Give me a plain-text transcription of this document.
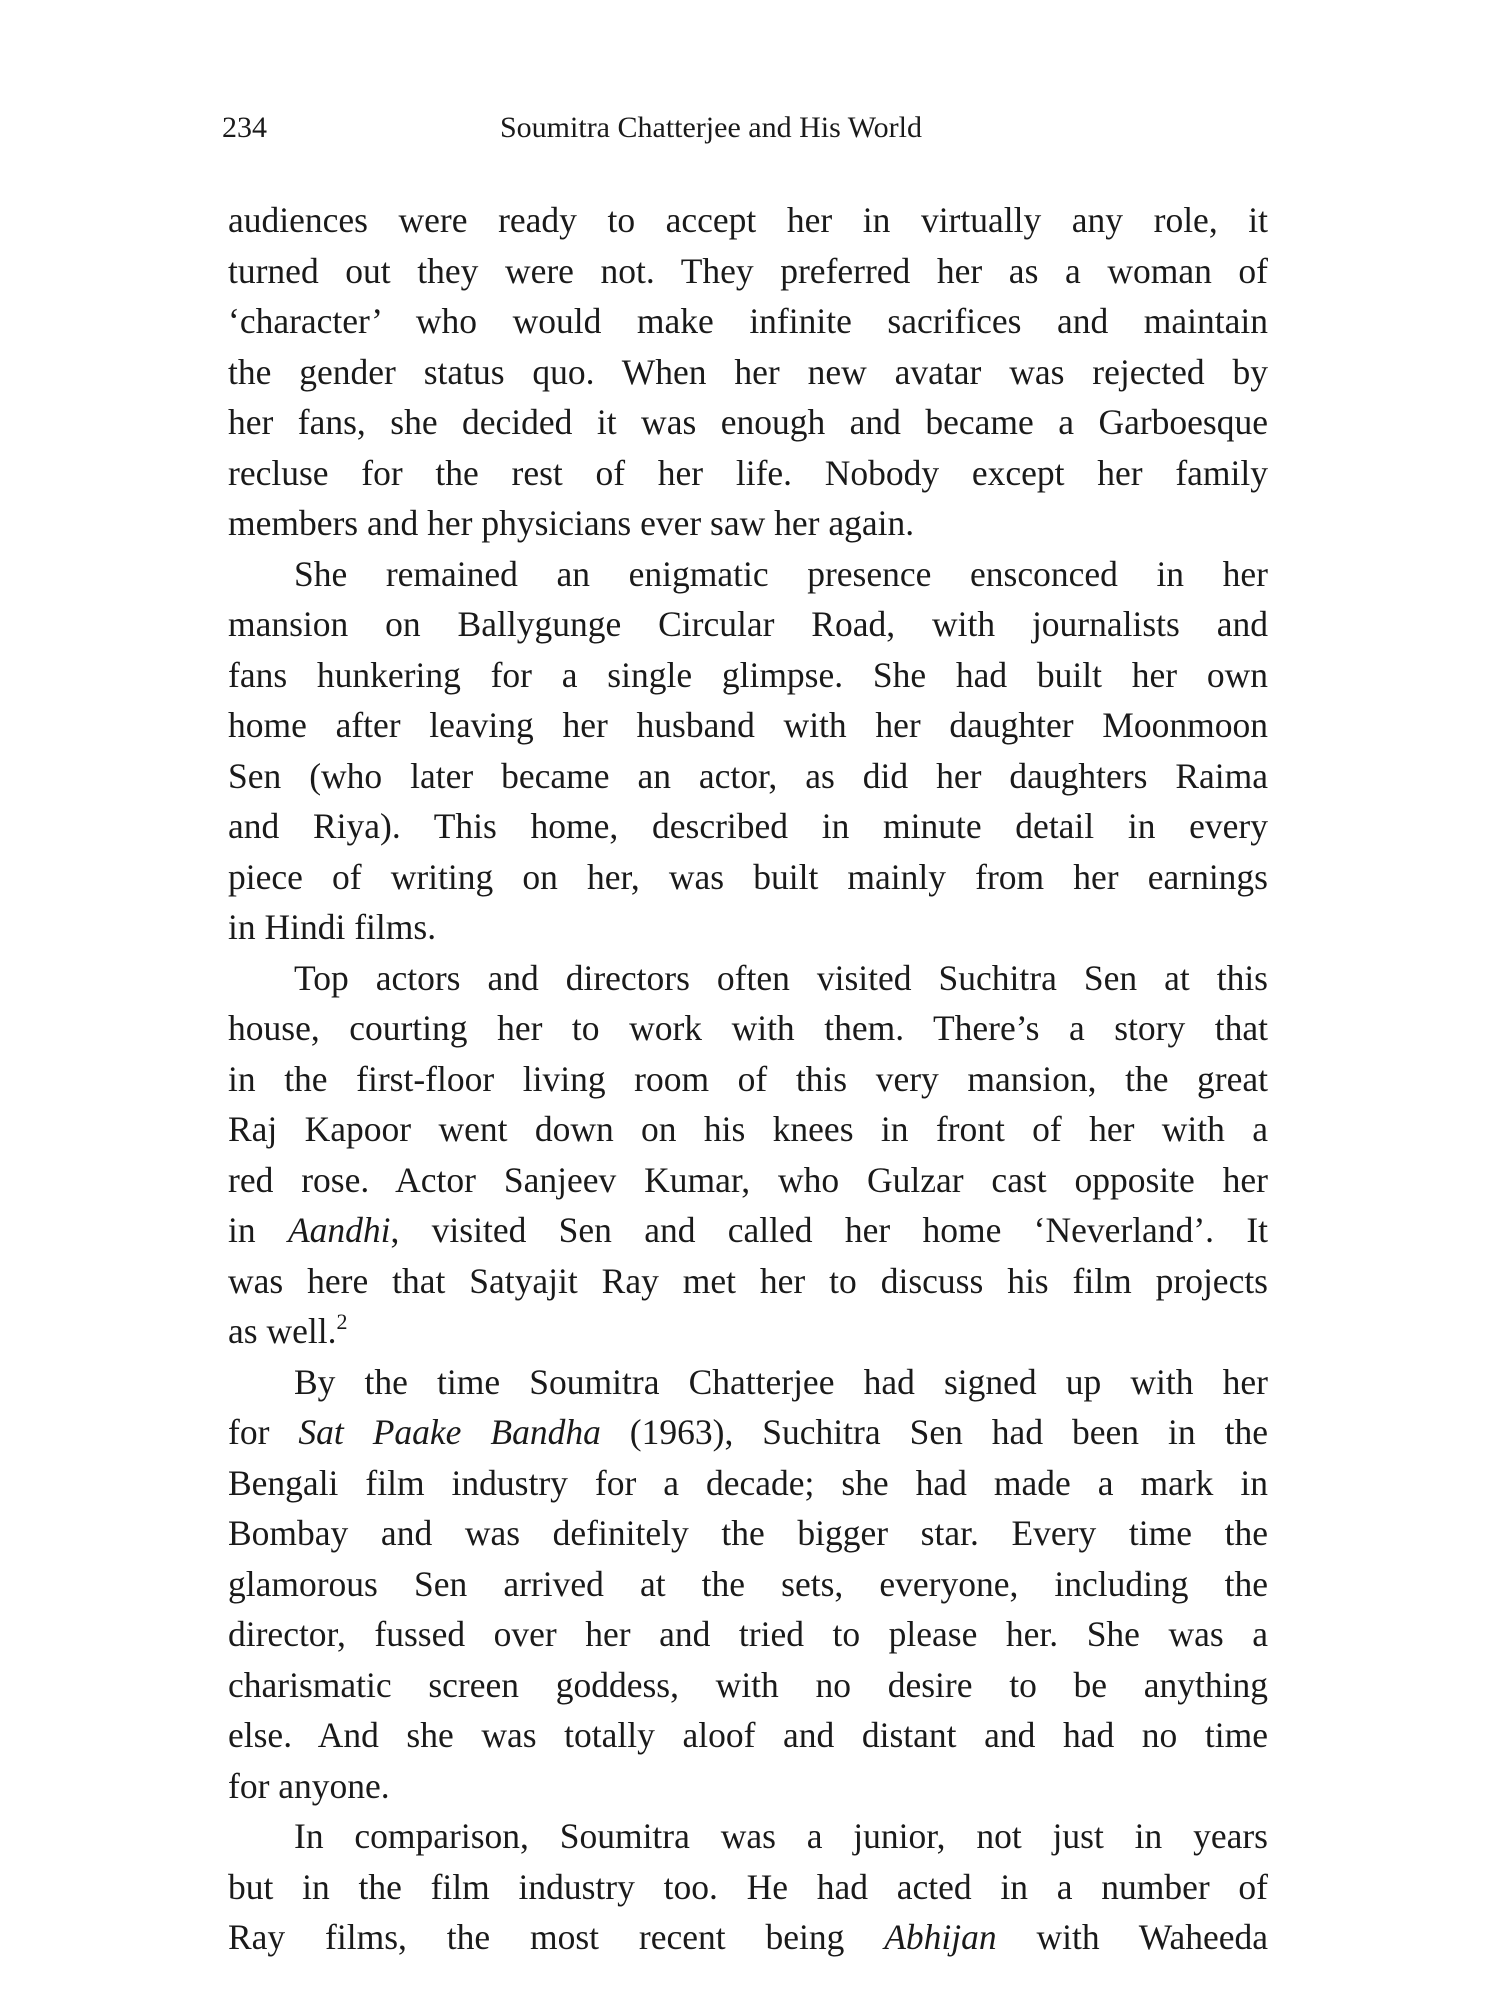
234	Soumitra Chatterjee and His World
audiences were ready to accept her in virtually any role, it
turned out they were not. They preferred her as a woman of
‘character’ who would make infinite sacrifices and maintain
the gender status quo. When her new avatar was rejected by
her fans, she decided it was enough and became a Garboesque
recluse for the rest of her life. Nobody except her family
members and her physicians ever saw her again.
She remained an enigmatic presence ensconced in her
mansion on Ballygunge Circular Road, with journalists and
fans hunkering for a single glimpse. She had built her own
home after leaving her husband with her daughter Moonmoon
Sen (who later became an actor, as did her daughters Raima
and Riya). This home, described in minute detail in every
piece of writing on her, was built mainly from her earnings
in Hindi films.
Top actors and directors often visited Suchitra Sen at this
house, courting her to work with them. There’s a story that
in the first-floor living room of this very mansion, the great
Raj Kapoor went down on his knees in front of her with a
red rose. Actor Sanjeev Kumar, who Gulzar cast opposite her
in Aandhi, visited Sen and called her home ‘Neverland’. It
was here that Satyajit Ray met her to discuss his film projects
as well.$^2$
By the time Soumitra Chatterjee had signed up with her
for Sat Paake Bandha (1963), Suchitra Sen had been in the
Bengali film industry for a decade; she had made a mark in
Bombay and was definitely the bigger star. Every time the
glamorous Sen arrived at the sets, everyone, including the
director, fussed over her and tried to please her. She was a
charismatic screen goddess, with no desire to be anything
else. And she was totally aloof and distant and had no time
for anyone.
In comparison, Soumitra was a junior, not just in years
but in the film industry too. He had acted in a number of
Ray films, the most recent being Abhijan with Waheeda
